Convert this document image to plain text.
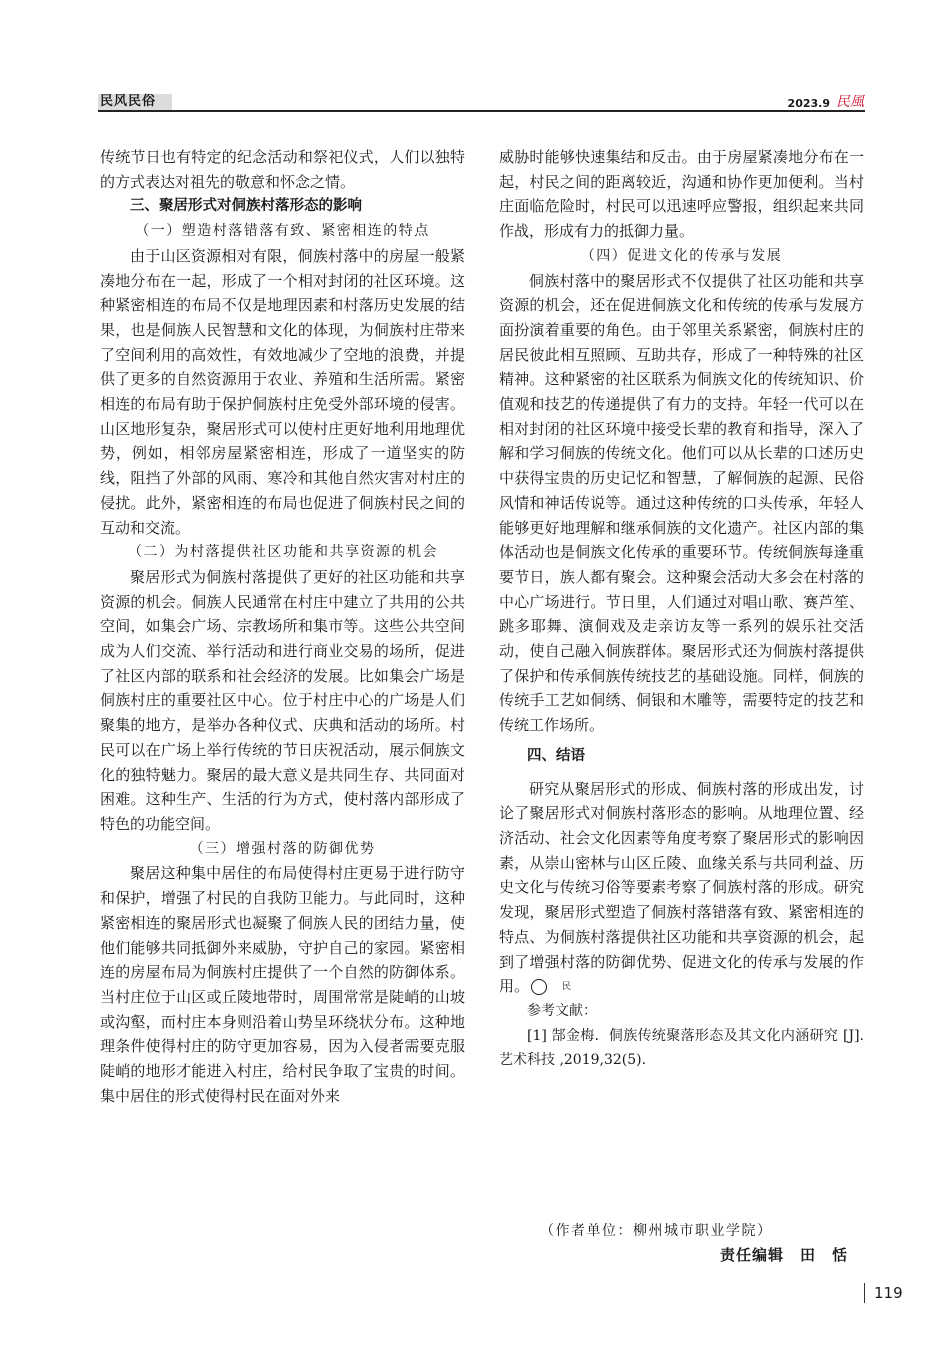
民风民俗	2023.9 民風

传统节日也有特定的纪念活动和祭祀仪式，人们以独特的方式表达对祖先的敬意和怀念之情。

三、聚居形式对侗族村落形态的影响

（一）塑造村落错落有致、紧密相连的特点

由于山区资源相对有限，侗族村落中的房屋一般紧凑地分布在一起，形成了一个相对封闭的社区环境。这种紧密相连的布局不仅是地理因素和村落历史发展的结果，也是侗族人民智慧和文化的体现，为侗族村庄带来了空间利用的高效性，有效地减少了空地的浪费，并提供了更多的自然资源用于农业、养殖和生活所需。紧密相连的布局有助于保护侗族村庄免受外部环境的侵害。山区地形复杂，聚居形式可以使村庄更好地利用地理优势，例如，相邻房屋紧密相连，形成了一道坚实的防线，阻挡了外部的风雨、寒冷和其他自然灾害对村庄的侵扰。此外，紧密相连的布局也促进了侗族村民之间的互动和交流。

（二）为村落提供社区功能和共享资源的机会

聚居形式为侗族村落提供了更好的社区功能和共享资源的机会。侗族人民通常在村庄中建立了共用的公共空间，如集会广场、宗教场所和集市等。这些公共空间成为人们交流、举行活动和进行商业交易的场所，促进了社区内部的联系和社会经济的发展。比如集会广场是侗族村庄的重要社区中心。位于村庄中心的广场是人们聚集的地方，是举办各种仪式、庆典和活动的场所。村民可以在广场上举行传统的节日庆祝活动，展示侗族文化的独特魅力。聚居的最大意义是共同生存、共同面对困难。这种生产、生活的行为方式，使村落内部形成了特色的功能空间。

（三）增强村落的防御优势

聚居这种集中居住的布局使得村庄更易于进行防守和保护，增强了村民的自我防卫能力。与此同时，这种紧密相连的聚居形式也凝聚了侗族人民的团结力量，使他们能够共同抵御外来威胁，守护自己的家园。紧密相连的房屋布局为侗族村庄提供了一个自然的防御体系。当村庄位于山区或丘陵地带时，周围常常是陡峭的山坡或沟壑，而村庄本身则沿着山势呈环绕状分布。这种地理条件使得村庄的防守更加容易，因为入侵者需要克服陡峭的地形才能进入村庄，给村民争取了宝贵的时间。集中居住的形式使得村民在面对外来

威胁时能够快速集结和反击。由于房屋紧凑地分布在一起，村民之间的距离较近，沟通和协作更加便利。当村庄面临危险时，村民可以迅速呼应警报，组织起来共同作战，形成有力的抵御力量。

（四）促进文化的传承与发展

侗族村落中的聚居形式不仅提供了社区功能和共享资源的机会，还在促进侗族文化和传统的传承与发展方面扮演着重要的角色。由于邻里关系紧密，侗族村庄的居民彼此相互照顾、互助共存，形成了一种特殊的社区精神。这种紧密的社区联系为侗族文化的传统知识、价值观和技艺的传递提供了有力的支持。年轻一代可以在相对封闭的社区环境中接受长辈的教育和指导，深入了解和学习侗族的传统文化。他们可以从长辈的口述历史中获得宝贵的历史记忆和智慧，了解侗族的起源、民俗风情和神话传说等。通过这种传统的口头传承，年轻人能够更好地理解和继承侗族的文化遗产。社区内部的集体活动也是侗族文化传承的重要环节。传统侗族每逢重要节日，族人都有聚会。这种聚会活动大多会在村落的中心广场进行。节日里，人们通过对唱山歌、赛芦笙、跳多耶舞、演侗戏及走亲访友等一系列的娱乐社交活动，使自己融入侗族群体。聚居形式还为侗族村落提供了保护和传承侗族传统技艺的基础设施。同样，侗族的传统手工艺如侗绣、侗银和木雕等，需要特定的技艺和传统工作场所。

四、结语

研究从聚居形式的形成、侗族村落的形成出发，讨论了聚居形式对侗族村落形态的影响。从地理位置、经济活动、社会文化因素等角度考察了聚居形式的影响因素，从崇山密林与山区丘陵、血缘关系与共同利益、历史文化与传统习俗等要素考察了侗族村落的形成。研究发现，聚居形式塑造了侗族村落错落有致、紧密相连的特点、为侗族村落提供社区功能和共享资源的机会，起到了增强村落的防御优势、促进文化的传承与发展的作用。	民

参考文献：

[1] 郜金梅．侗族传统聚落形态及其文化内涵研究 [J]. 艺术科技 ,2019,32(5).

（作者单位：柳州城市职业学院）
责任编辑　田　恬
119
